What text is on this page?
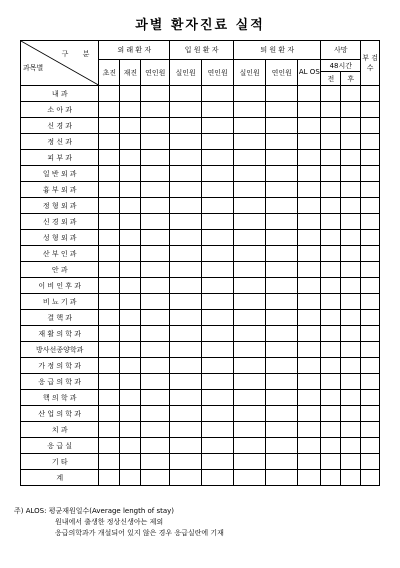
과별 환자진료 실적
구 분
과목별	외 래 환 자			입 원 환 자		퇴 원 환 자			사망		부 검 수
	초진	재진	연인원	실인원	연인원	실인원	연인원	AL OS	48시간		
									전	후	
내 과											
소 아 과											
신 경 과											
정 신 과											
피 부 과											
일 반 외 과											
흉 부 외 과											
정 형 외 과											
신 경 외 과											
성 형 외 과											
산 부 인 과											
안 과											
이 비 인 후 과											
비 뇨 기 과											
결 핵 과											
재 활 의 학 과											
방사선종양학과											
가 정 의 학 과											
응 급 의 학 과											
핵 의 학 과											
산 업 의 학 과											
치 과											
응 급 실											
기 타											
계											
주) ALOS: 평균재원일수(Average length of stay)
원내에서 출생한 정상신생아는 제외
응급의학과가 개설되어 있지 않은 경우 응급실란에 기재
